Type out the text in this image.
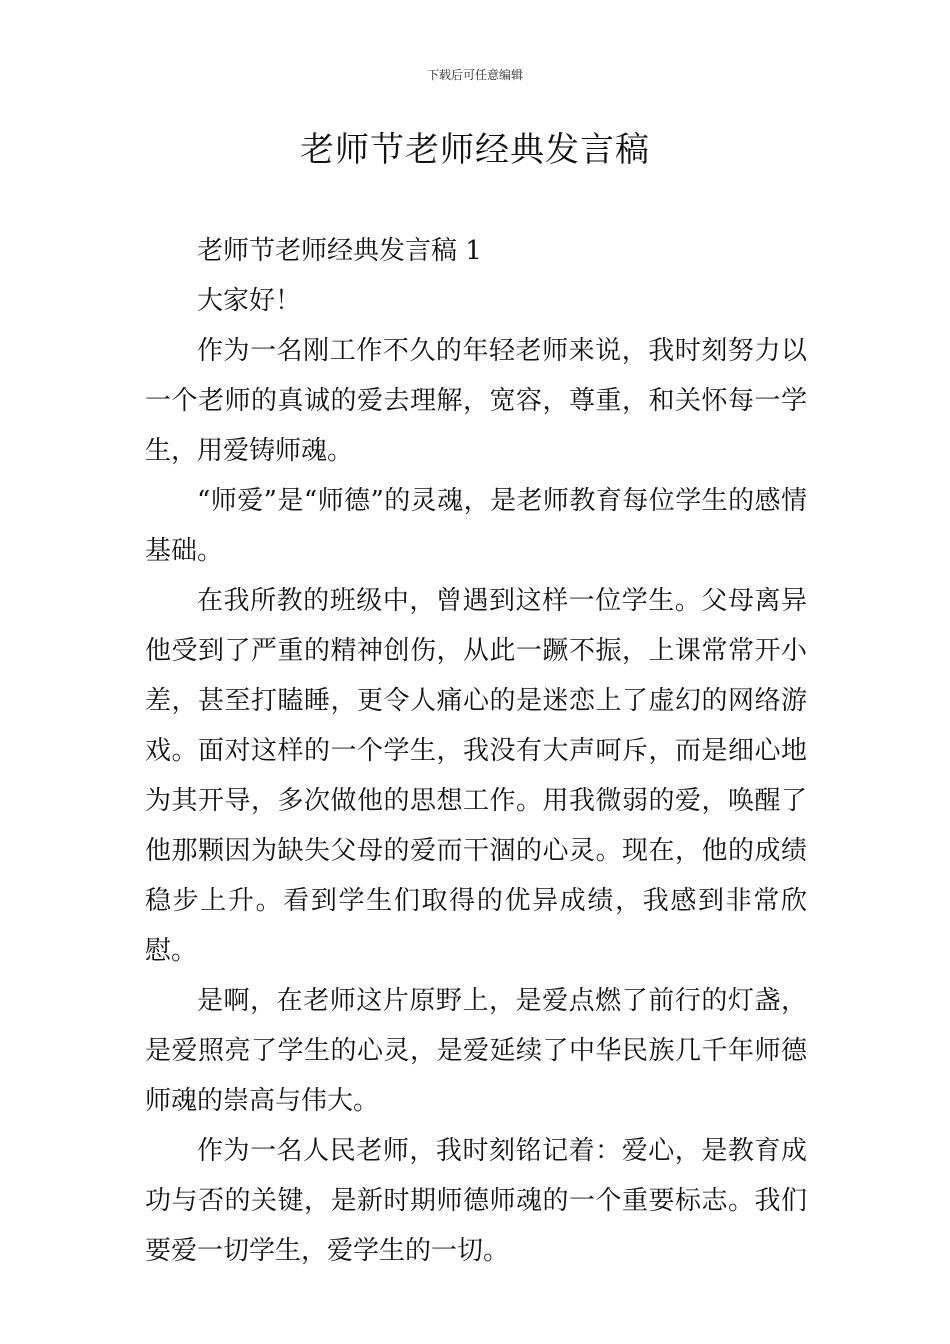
下载后可任意编辑
老师节老师经典发言稿

老师节老师经典发言稿 1

大家好！

作为一名刚工作不久的年轻老师来说，我时刻努力以一个老师的真诚的爱去理解，宽容，尊重，和关怀每一学生，用爱铸师魂。

“师爱”是“师德”的灵魂，是老师教育每位学生的感情基础。

在我所教的班级中，曾遇到这样一位学生。父母离异他受到了严重的精神创伤，从此一蹶不振，上课常常开小差，甚至打瞌睡，更令人痛心的是迷恋上了虚幻的网络游戏。面对这样的一个学生，我没有大声呵斥，而是细心地为其开导，多次做他的思想工作。用我微弱的爱，唤醒了他那颗因为缺失父母的爱而干涸的心灵。现在，他的成绩稳步上升。看到学生们取得的优异成绩，我感到非常欣慰。

是啊，在老师这片原野上，是爱点燃了前行的灯盏，是爱照亮了学生的心灵，是爱延续了中华民族几千年师德师魂的崇高与伟大。

作为一名人民老师，我时刻铭记着：爱心，是教育成功与否的关键，是新时期师德师魂的一个重要标志。我们要爱一切学生，爱学生的一切。
